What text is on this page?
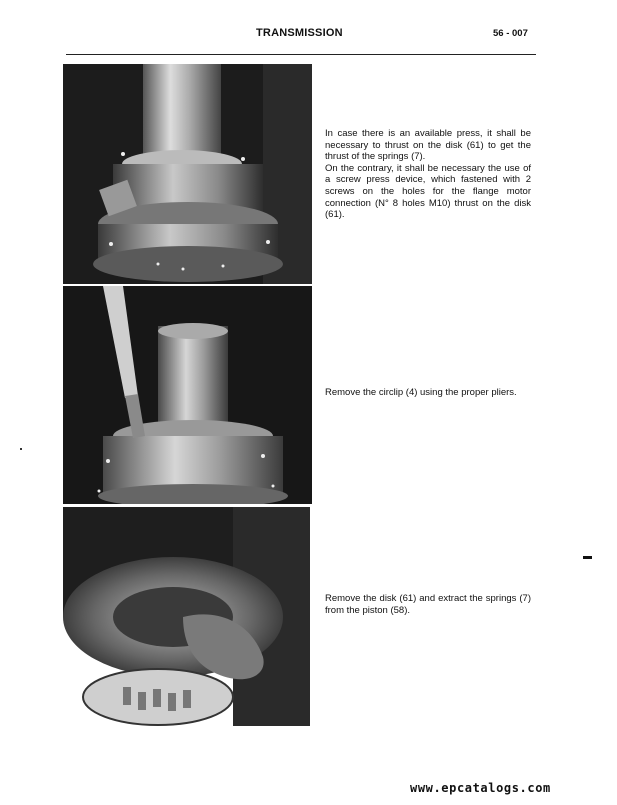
TRANSMISSION	56 - 007

In case there is an available press, it shall be necessary to thrust on the disk (61) to get the thrust of the springs (7).

On the contrary, it shall be necessary the use of a screw press device, which fastened with 2 screws on the holes for the flange motor connection (N° 8 holes M10) thrust on the disk (61).

Remove the circlip (4) using the proper pliers.

Remove the disk (61) and extract the springs (7) from the piston (58).

www.epcatalogs.com
